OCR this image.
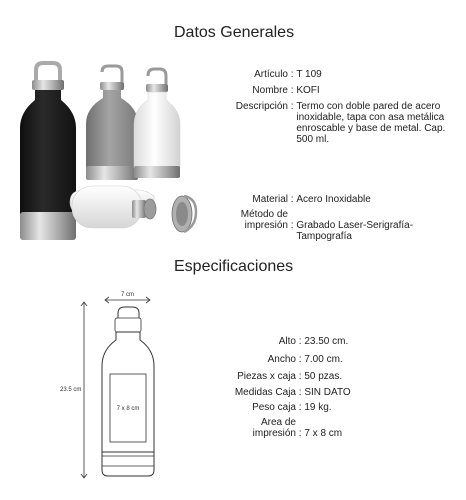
Datos Generales
Especificaciones
Artículo : T 109
Nombre : KOFI
Descripción : Termo con doble pared de acero inoxidable, tapa con asa metálica enroscable y base de metal. Cap. 500 ml.
Material : Acero Inoxidable
Método de
impresión : Grabado Laser-Serigrafía-
Tampografía
Alto : 23.50 cm.
Ancho : 7.00 cm.
Piezas x caja : 50 pzas.
Medidas Caja : SIN DATO
Peso caja : 19 kg.
Area de
impresión : 7 x 8 cm
7 cm
23.5 cm
7 x 8 cm
